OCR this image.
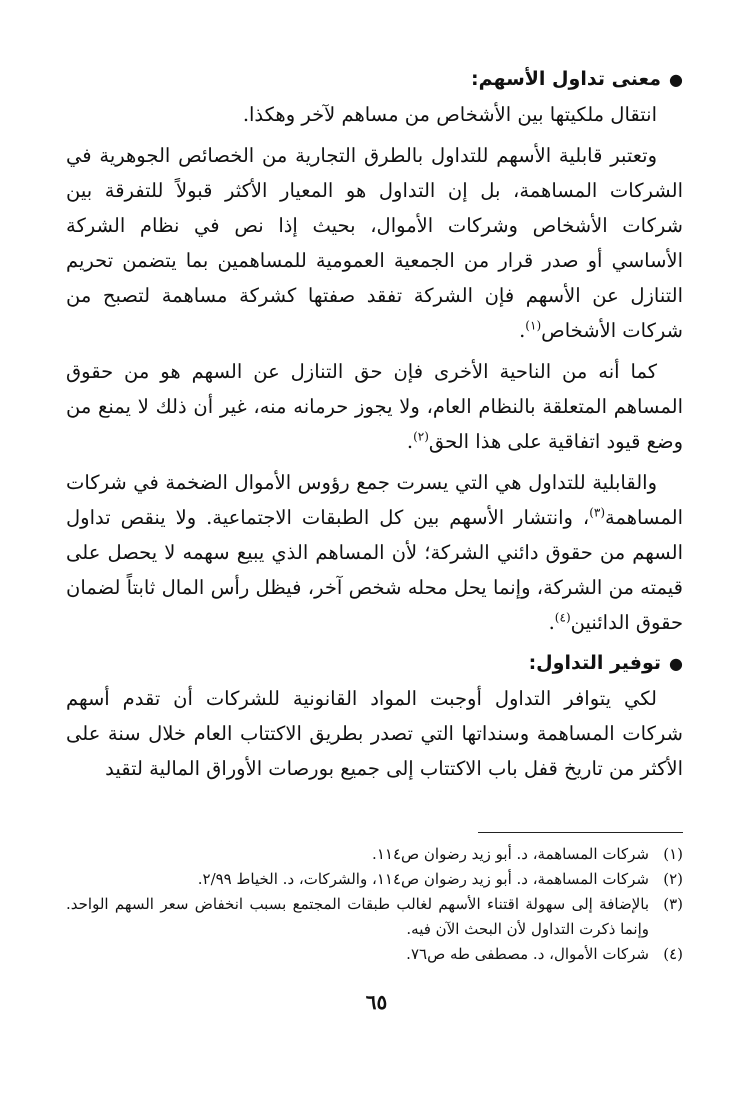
●معنى تداول الأسهم:

انتقال ملكيتها بين الأشخاص من مساهم لآخر وهكذا.

وتعتبر قابلية الأسهم للتداول بالطرق التجارية من الخصائص الجوهرية في الشركات المساهمة، بل إن التداول هو المعيار الأكثر قبولاً للتفرقة بين شركات الأشخاص وشركات الأموال، بحيث إذا نص في نظام الشركة الأساسي أو صدر قرار من الجمعية العمومية للمساهمين بما يتضمن تحريم التنازل عن الأسهم فإن الشركة تفقد صفتها كشركة مساهمة لتصبح من شركات الأشخاص$^{(١)}$.

كما أنه من الناحية الأخرى فإن حق التنازل عن السهم هو من حقوق المساهم المتعلقة بالنظام العام، ولا يجوز حرمانه منه، غير أن ذلك لا يمنع من وضع قيود اتفاقية على هذا الحق$^{(٢)}$.

والقابلية للتداول هي التي يسرت جمع رؤوس الأموال الضخمة في شركات المساهمة$^{(٣)}$، وانتشار الأسهم بين كل الطبقات الاجتماعية. ولا ينقص تداول السهم من حقوق دائني الشركة؛ لأن المساهم الذي يبيع سهمه لا يحصل على قيمته من الشركة، وإنما يحل محله شخص آخر، فيظل رأس المال ثابتاً لضمان حقوق الدائنين$^{(٤)}$.

●توفير التداول:

لكي يتوافر التداول أوجبت المواد القانونية للشركات أن تقدم أسهم شركات المساهمة وسنداتها التي تصدر بطريق الاكتتاب العام خلال سنة على الأكثر من تاريخ قفل باب الاكتتاب إلى جميع بورصات الأوراق المالية لتقيد

(١)
شركات المساهمة، د. أبو زيد رضوان ص١١٤.
(٢)
شركات المساهمة، د. أبو زيد رضوان ص١١٤، والشركات، د. الخياط ٢/٩٩.
(٣)
بالإضافة إلى سهولة اقتناء الأسهم لغالب طبقات المجتمع بسبب انخفاض سعر السهم الواحد. وإنما ذكرت التداول لأن البحث الآن فيه.
(٤)
شركات الأموال، د. مصطفى طه ص٧٦.
٦٥
